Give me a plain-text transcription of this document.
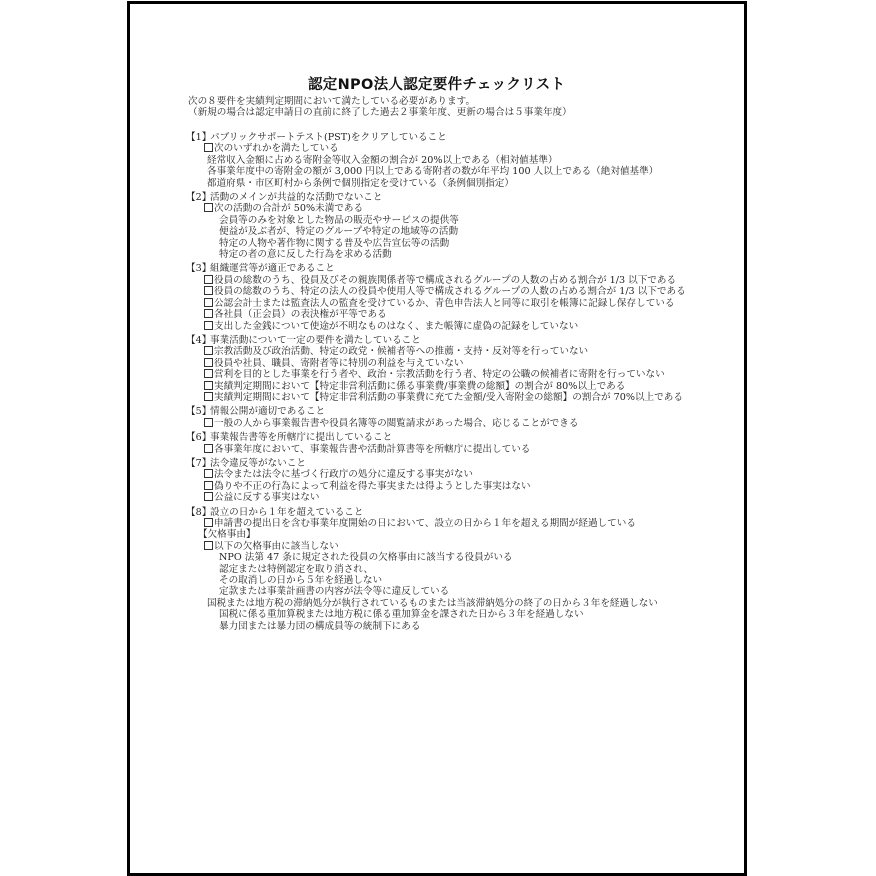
認定NPO法人認定要件チェックリスト
次の８要件を実績判定期間において満たしている必要があります。
（新規の場合は認定申請日の直前に終了した過去２事業年度、更新の場合は５事業年度）
【1】パブリックサポートテスト(PST)をクリアしていること
次のいずれかを満たしている
経常収入金額に占める寄附金等収入金額の割合が 20%以上である（相対値基準）
各事業年度中の寄附金の額が 3,000 円以上である寄附者の数が年平均 100 人以上である（絶対値基準）
都道府県・市区町村から条例で個別指定を受けている（条例個別指定）
【2】活動のメインが共益的な活動でないこと
次の活動の合計が 50%未満である
会員等のみを対象とした物品の販売やサービスの提供等
便益が及ぶ者が、特定のグループや特定の地域等の活動
特定の人物や著作物に関する普及や広告宣伝等の活動
特定の者の意に反した行為を求める活動
【3】組織運営等が適正であること
役員の総数のうち、役員及びその親族関係者等で構成されるグループの人数の占める割合が 1/3 以下である
役員の総数のうち、特定の法人の役員や使用人等で構成されるグループの人数の占める割合が 1/3 以下である
公認会計士または監査法人の監査を受けているか、青色申告法人と同等に取引を帳簿に記録し保存している
各社員（正会員）の表決権が平等である
支出した金銭について使途が不明なものはなく、また帳簿に虚偽の記録をしていない
【4】事業活動について一定の要件を満たしていること
宗教活動及び政治活動、特定の政党・候補者等への推薦・支持・反対等を行っていない
役員や社員、職員、寄附者等に特別の利益を与えていない
営利を目的とした事業を行う者や、政治・宗教活動を行う者、特定の公職の候補者に寄附を行っていない
実績判定期間において【特定非営利活動に係る事業費/事業費の総額】の割合が 80%以上である
実績判定期間において【特定非営利活動の事業費に充てた金額/受入寄附金の総額】の割合が 70%以上である
【5】情報公開が適切であること
一般の人から事業報告書や役員名簿等の閲覧請求があった場合、応じることができる
【6】事業報告書等を所轄庁に提出していること
各事業年度において、事業報告書や活動計算書等を所轄庁に提出している
【7】法令違反等がないこと
法令または法令に基づく行政庁の処分に違反する事実がない
偽りや不正の行為によって利益を得た事実または得ようとした事実はない
公益に反する事実はない
【8】設立の日から１年を超えていること
申請書の提出日を含む事業年度開始の日において、設立の日から１年を超える期間が経過している
【欠格事由】
以下の欠格事由に該当しない
NPO 法第 47 条に規定された役員の欠格事由に該当する役員がいる
認定または特例認定を取り消され、
その取消しの日から５年を経過しない
定款または事業計画書の内容が法令等に違反している
国税または地方税の滞納処分が執行されているものまたは当該滞納処分の終了の日から３年を経過しない
国税に係る重加算税または地方税に係る重加算金を課された日から３年を経過しない
暴力団または暴力団の構成員等の統制下にある
